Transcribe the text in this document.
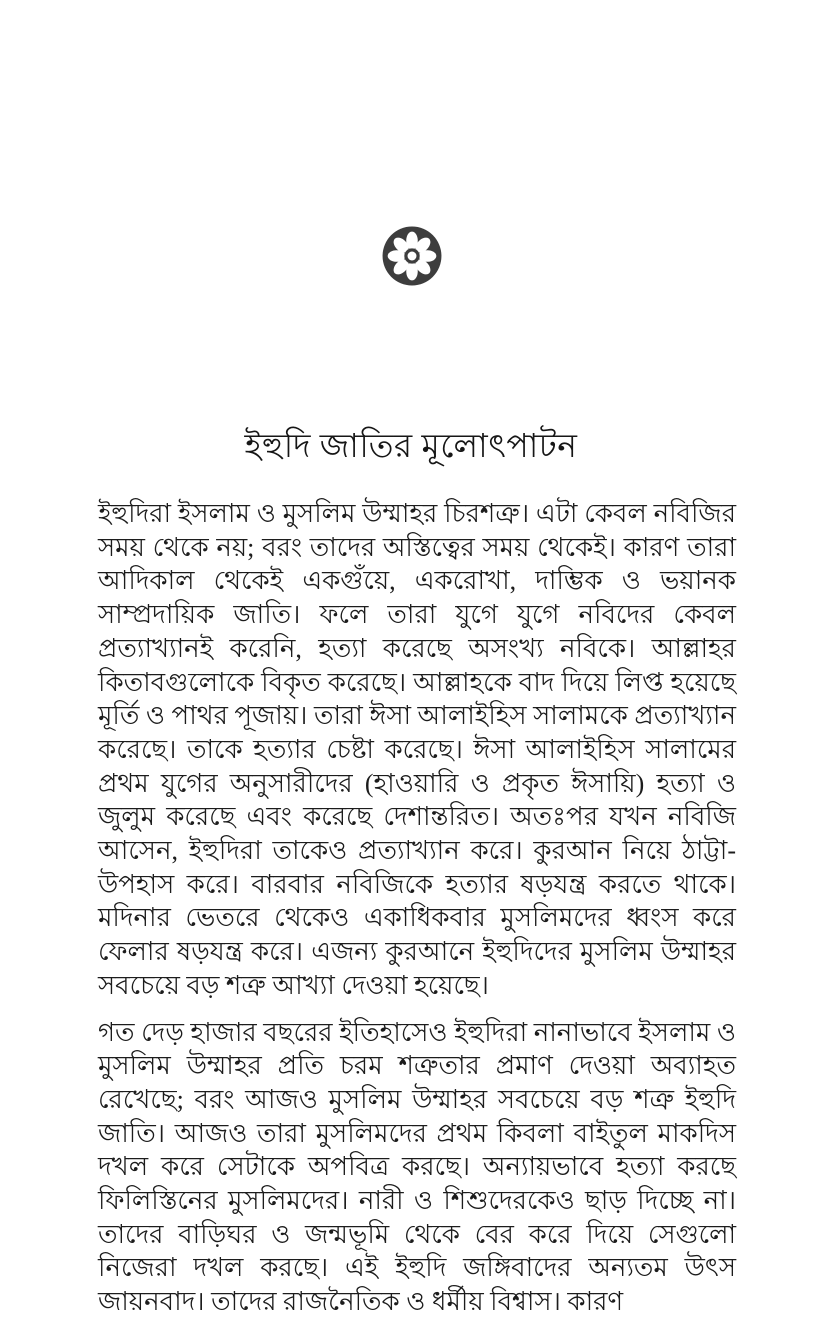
ইহুদি জাতির মূলোৎপাটন

ইহুদিরা ইসলাম ও মুসলিম উম্মাহর চিরশত্রু। এটা কেবল নবিজির সময় থেকে নয়; বরং তাদের অস্তিত্বের সময় থেকেই। কারণ তারা আদিকাল থেকেই একগুঁয়ে, একরোখা, দাম্ভিক ও ভয়ানক সাম্প্রদায়িক জাতি। ফলে তারা যুগে যুগে নবিদের কেবল প্রত্যাখ্যানই করেনি, হত্যা করেছে অসংখ্য নবিকে। আল্লাহর কিতাবগুলোকে বিকৃত করেছে। আল্লাহকে বাদ দিয়ে লিপ্ত হয়েছে মূর্তি ও পাথর পূজায়। তারা ঈসা আলাইহিস সালামকে প্রত্যাখ্যান করেছে। তাকে হত্যার চেষ্টা করেছে। ঈসা আলাইহিস সালামের প্রথম যুগের অনুসারীদের (হাওয়ারি ও প্রকৃত ঈসায়ি) হত্যা ও জুলুম করেছে এবং করেছে দেশান্তরিত। অতঃপর যখন নবিজি আসেন, ইহুদিরা তাকেও প্রত্যাখ্যান করে। কুরআন নিয়ে ঠাট্টা-উপহাস করে। বারবার নবিজিকে হত্যার ষড়যন্ত্র করতে থাকে। মদিনার ভেতরে থেকেও একাধিকবার মুসলিমদের ধ্বংস করে ফেলার ষড়যন্ত্র করে। এজন্য কুরআনে ইহুদিদের মুসলিম উম্মাহর সবচেয়ে বড় শত্রু আখ্যা দেওয়া হয়েছে।

গত দেড় হাজার বছরের ইতিহাসেও ইহুদিরা নানাভাবে ইসলাম ও মুসলিম উম্মাহর প্রতি চরম শত্রুতার প্রমাণ দেওয়া অব্যাহত রেখেছে; বরং আজও মুসলিম উম্মাহর সবচেয়ে বড় শত্রু ইহুদি জাতি। আজও তারা মুসলিমদের প্রথম কিবলা বাইতুল মাকদিস দখল করে সেটাকে অপবিত্র করছে। অন্যায়ভাবে হত্যা করছে ফিলিস্তিনের মুসলিমদের। নারী ও শিশুদেরকেও ছাড় দিচ্ছে না। তাদের বাড়িঘর ও জন্মভূমি থেকে বের করে দিয়ে সেগুলো নিজেরা দখল করছে। এই ইহুদি জঙ্গিবাদের অন্যতম উৎস জায়নবাদ। তাদের রাজনৈতিক ও ধর্মীয় বিশ্বাস। কারণ
